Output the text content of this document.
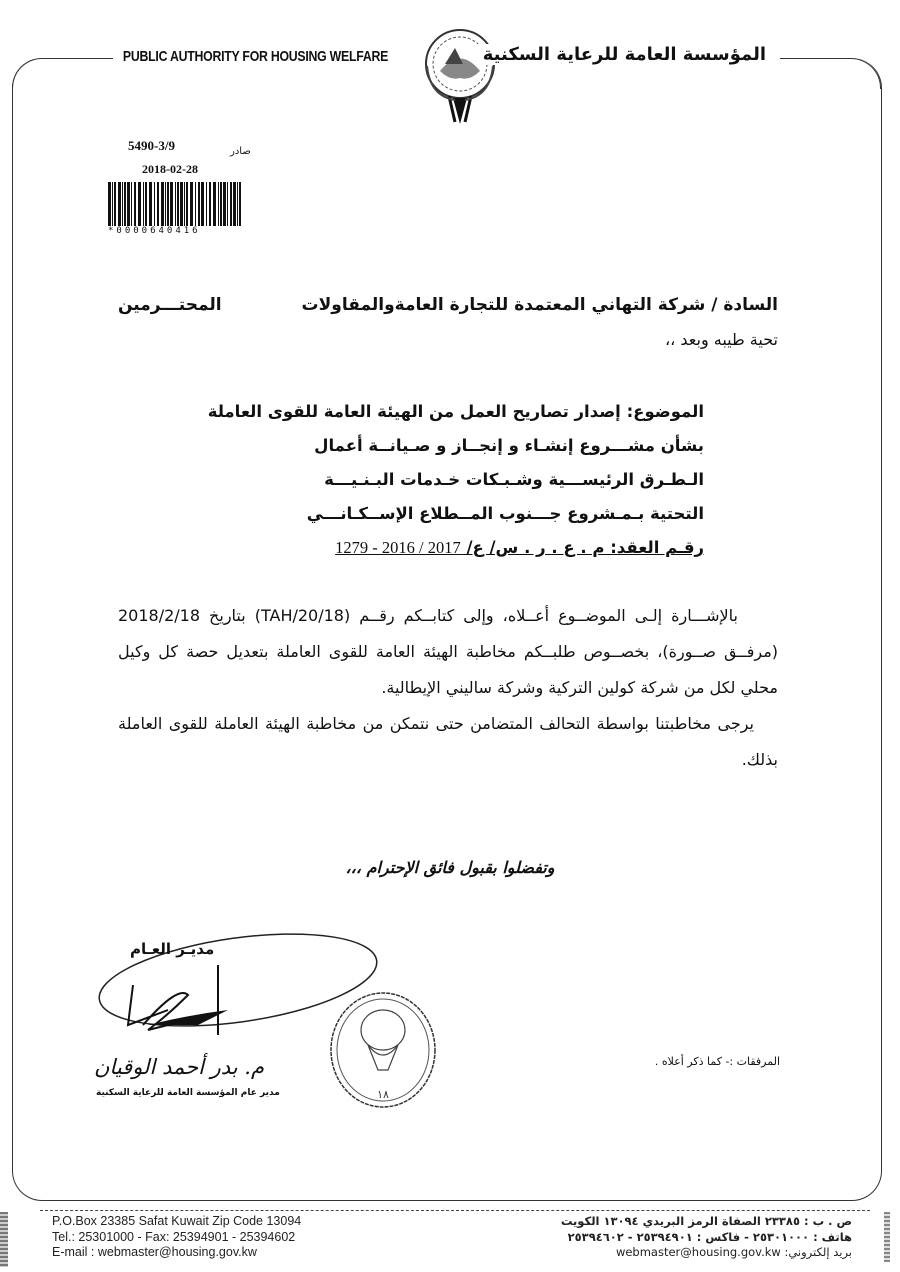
PUBLIC AUTHORITY FOR HOUSING WELFARE	المؤسسة العامة للرعاية السكنية
5490-3/9	صادر
2018-02-28
*0000640416
السادة / شركة التهاني المعتمدة للتجارة العامةوالمقاولات
المحتـــرمين
تحية طيبه وبعد ،،
الموضوع: إصدار تصاريح العمل من الهيئة العامة للقوى العاملة
بشأن مشـــروع إنشـاء و إنجــاز و صـيانــة أعمال
الـطـرق الرئيســـية وشـبـكات خـدمات البـنـيـــة
التحتية بـمـشروع جـــنوب المــطلاع الإســكـانـــي
رقـم العقد: م . ع . ر . س/ ع/ 1279 - 2016 / 2017

بالإشـــارة إلـى الموضــوع أعــلاه، وإلى كتابــكم رقــم (TAH/20/18) بتاريخ 2018/2/18 (مرفــق صــورة)، بخصــوص طلبــكم مخاطبة الهيئة العامة للقوى العاملة بتعديل حصة كل وكيل محلي لكل من شركة كولين التركية وشركة ساليني الإيطالية.

يرجى مخاطبتنا بواسطة التحالف المتضامن حتى نتمكن من مخاطبة الهيئة العاملة للقوى العاملة بذلك.

وتفضلوا بقبول فائق الإحترام ،،،
مديـر العـام
م. بدر أحمد الوقيان
مدير عام المؤسسة العامة للرعاية السكنية	١٨
المرفقات :- كما ذكر أعلاه .
P.O.Box 23385 Safat Kuwait Zip Code 13094
Tel.: 25301000 - Fax: 25394901 - 25394602
E-mail : webmaster@housing.gov.kw
ص . ب : ٢٣٣٨٥ الصفاة الرمز البريدي ١٣٠٩٤ الكويت
هاتف : ٢٥٣٠١٠٠٠ - فاكس : ٢٥٣٩٤٩٠١ - ٢٥٣٩٤٦٠٢
بريد إلكتروني: webmaster@housing.gov.kw
